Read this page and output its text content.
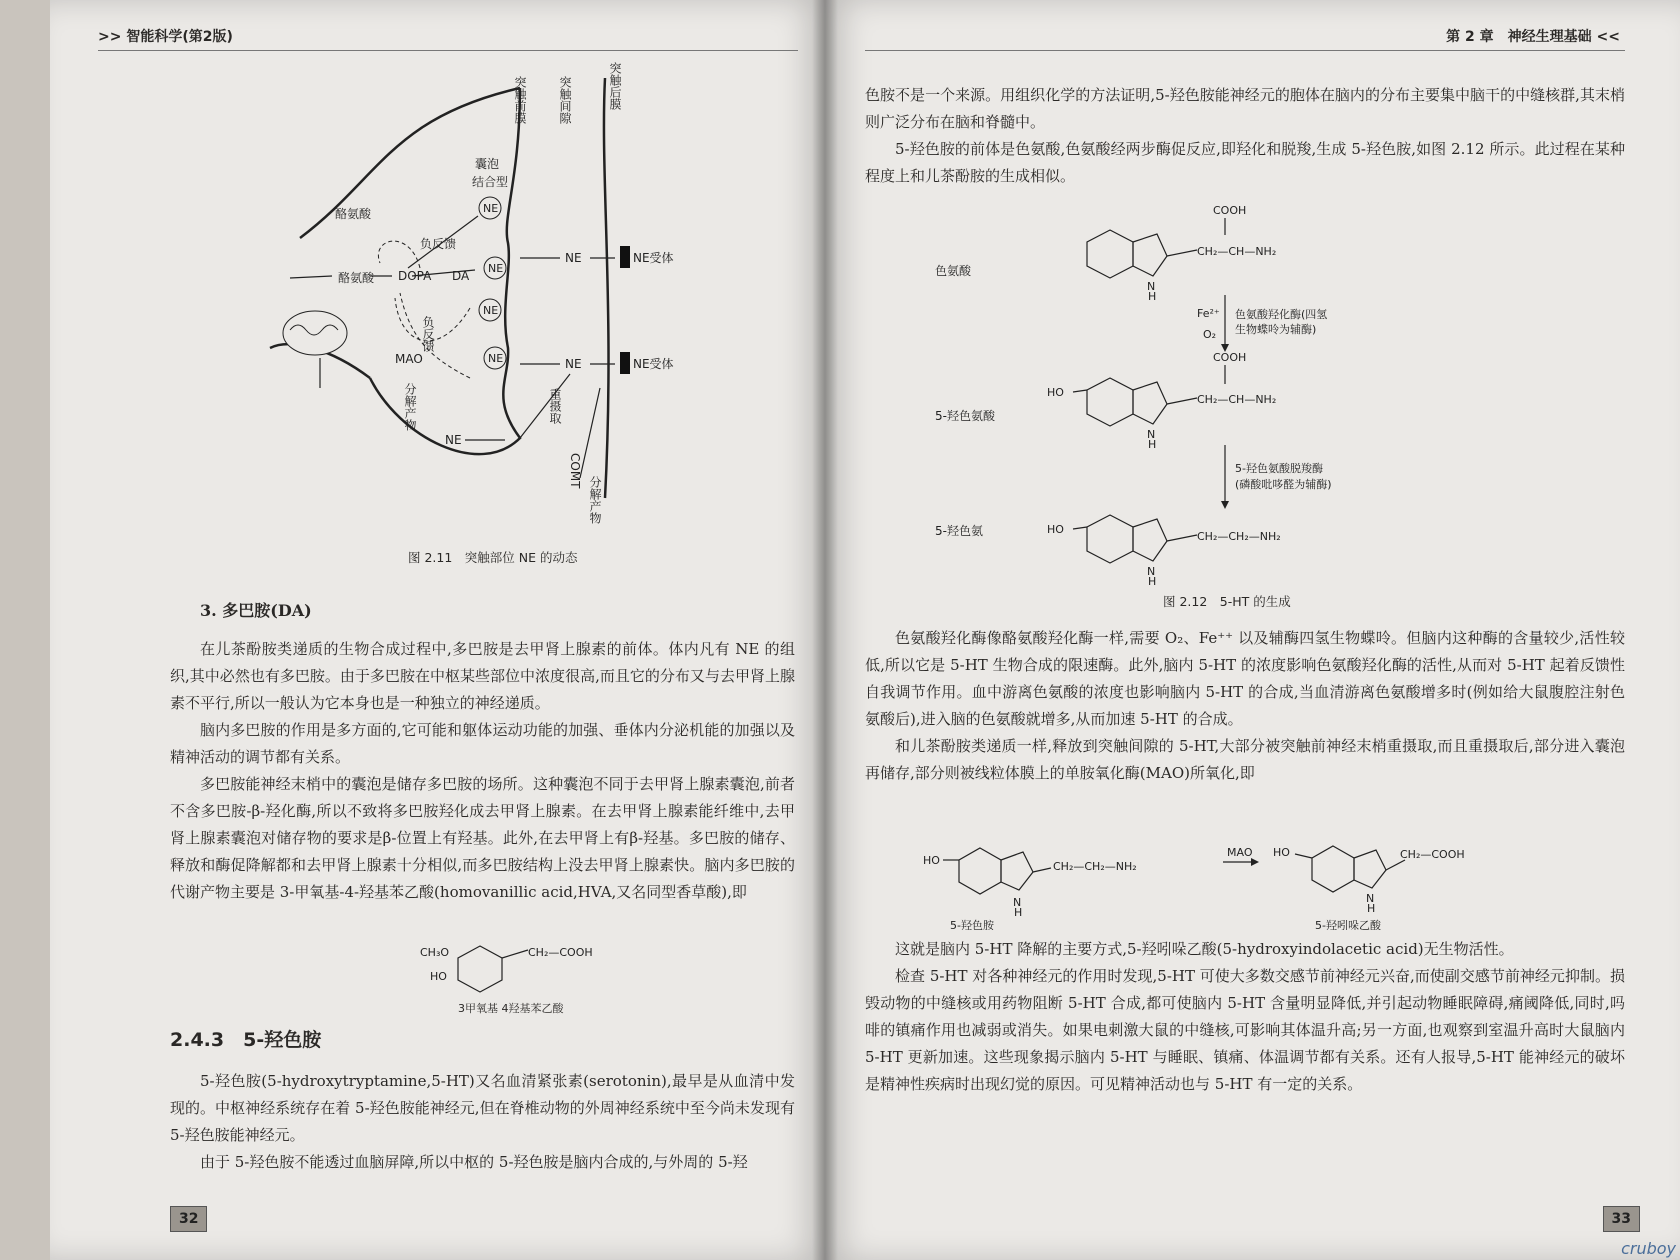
>> 智能科学(第2版)
NE
NE
NE
NE
突触前膜	突触间隙	突触后膜
囊泡
结合型
酪氨酸
酪氨酸
负反馈
负反馈
DOPA DA
NE
NE
NE
MAO
COMT
重摄取
分解产物
分解产物
NE受体
NE受体
图 2.11　突触部位 NE 的动态
3. 多巴胺(DA)

在儿茶酚胺类递质的生物合成过程中,多巴胺是去甲肾上腺素的前体。体内凡有 NE 的组织,其中必然也有多巴胺。由于多巴胺在中枢某些部位中浓度很高,而且它的分布又与去甲肾上腺素不平行,所以一般认为它本身也是一种独立的神经递质。

脑内多巴胺的作用是多方面的,它可能和躯体运动功能的加强、垂体内分泌机能的加强以及精神活动的调节都有关系。

多巴胺能神经末梢中的囊泡是储存多巴胺的场所。这种囊泡不同于去甲肾上腺素囊泡,前者不含多巴胺-β-羟化酶,所以不致将多巴胺羟化成去甲肾上腺素。在去甲肾上腺素能纤维中,去甲肾上腺素囊泡对储存物的要求是β-位置上有羟基。此外,在去甲肾上有β-羟基。多巴胺的储存、释放和酶促降解都和去甲肾上腺素十分相似,而多巴胺结构上没去甲肾上腺素快。脑内多巴胺的代谢产物主要是 3-甲氧基-4-羟基苯乙酸(homovanillic acid,HVA,又名同型香草酸),即

CH₃O
HO
CH₂—COOH
3甲氧基 4羟基苯乙酸
2.4.3　5-羟色胺

5-羟色胺(5-hydroxytryptamine,5-HT)又名血清紧张素(serotonin),最早是从血清中发现的。中枢神经系统存在着 5-羟色胺能神经元,但在脊椎动物的外周神经系统中至今尚未发现有 5-羟色胺能神经元。

由于 5-羟色胺不能透过血脑屏障,所以中枢的 5-羟色胺是脑内合成的,与外周的 5-羟

32
第 2 章　神经生理基础 <<

色胺不是一个来源。用组织化学的方法证明,5-羟色胺能神经元的胞体在脑内的分布主要集中脑干的中缝核群,其末梢则广泛分布在脑和脊髓中。

5-羟色胺的前体是色氨酸,色氨酸经两步酶促反应,即羟化和脱羧,生成 5-羟色胺,如图 2.12 所示。此过程在某种程度上和儿茶酚胺的生成相似。

COOH
CH₂—CH—NH₂
N
H
COOH
CH₂—CH—NH₂
HO
N
H
CH₂—CH₂—NH₂
HO
N
H
Fe²⁺
O₂
色氨酸羟化酶(四氢
生物蝶呤为辅酶)
5-羟色氨酸脱羧酶
(磷酸吡哆醛为辅酶)
色氨酸
5-羟色氨酸
5-羟色氨
图 2.12　5-HT 的生成

色氨酸羟化酶像酪氨酸羟化酶一样,需要 O₂、Fe⁺⁺ 以及辅酶四氢生物蝶呤。但脑内这种酶的含量较少,活性较低,所以它是 5-HT 生物合成的限速酶。此外,脑内 5-HT 的浓度影响色氨酸羟化酶的活性,从而对 5-HT 起着反馈性自我调节作用。血中游离色氨酸的浓度也影响脑内 5-HT 的合成,当血清游离色氨酸增多时(例如给大鼠腹腔注射色氨酸后),进入脑的色氨酸就增多,从而加速 5-HT 的合成。

和儿茶酚胺类递质一样,释放到突触间隙的 5-HT,大部分被突触前神经末梢重摄取,而且重摄取后,部分进入囊泡再储存,部分则被线粒体膜上的单胺氧化酶(MAO)所氧化,即

HO	CH₂—CH₂—NH₂
N
H
MAO HO	CH₂—COOH
N
H
5-羟色胺	5-羟吲哚乙酸

这就是脑内 5-HT 降解的主要方式,5-羟吲哚乙酸(5-hydroxyindolacetic acid)无生物活性。

检查 5-HT 对各种神经元的作用时发现,5-HT 可使大多数交感节前神经元兴奋,而使副交感节前神经元抑制。损毁动物的中缝核或用药物阻断 5-HT 合成,都可使脑内 5-HT 含量明显降低,并引起动物睡眠障碍,痛阈降低,同时,吗啡的镇痛作用也减弱或消失。如果电刺激大鼠的中缝核,可影响其体温升高;另一方面,也观察到室温升高时大鼠脑内 5-HT 更新加速。这些现象揭示脑内 5-HT 与睡眠、镇痛、体温调节都有关系。还有人报导,5-HT 能神经元的破坏是精神性疾病时出现幻觉的原因。可见精神活动也与 5-HT 有一定的关系。

33
cruboy
